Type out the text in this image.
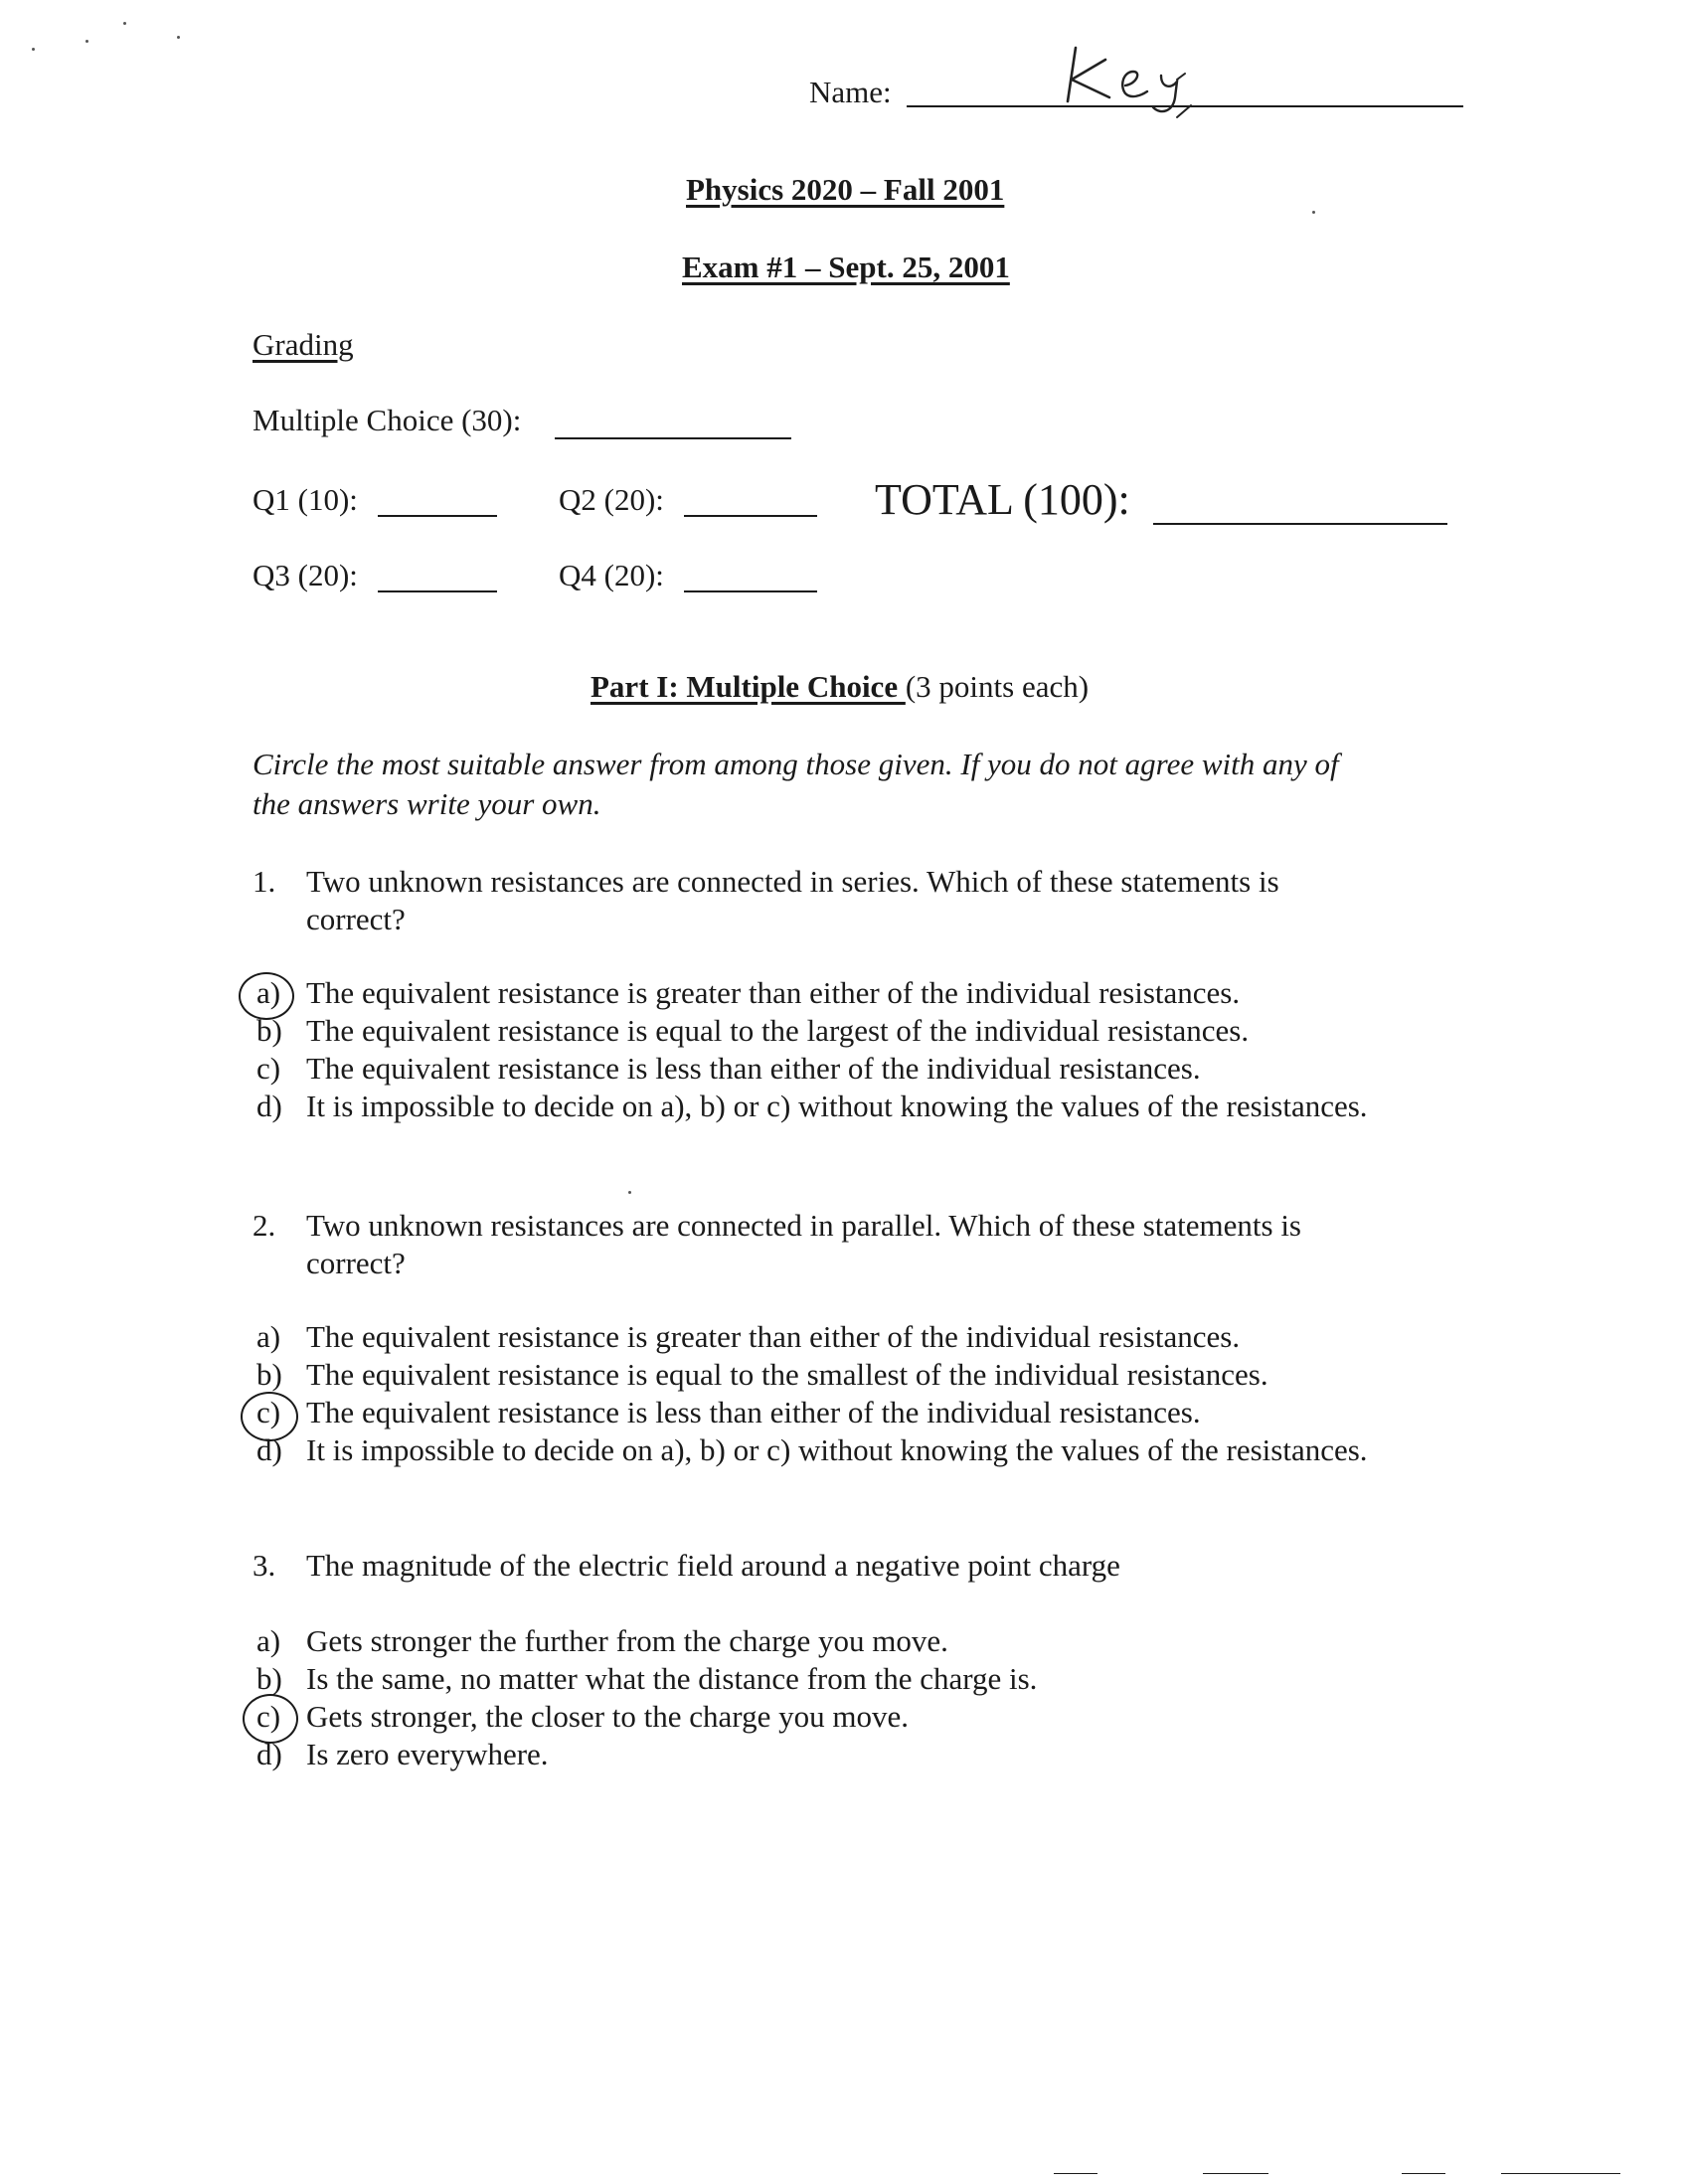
Name:
Physics 2020 – Fall 2001
Exam #1 – Sept. 25, 2001
Grading
Multiple Choice (30):
Q1 (10):	Q2 (20):	TOTAL (100):
Q3 (20):	Q4 (20):
Part I: Multiple Choice (3 points each)
Circle the most suitable answer from among those given. If you do not agree with any of
the answers write your own.
1. Two unknown resistances are connected in series. Which of these statements is
correct?
a) The equivalent resistance is greater than either of the individual resistances.
b) The equivalent resistance is equal to the largest of the individual resistances.
c) The equivalent resistance is less than either of the individual resistances.
d) It is impossible to decide on a), b) or c) without knowing the values of the resistances.
2. Two unknown resistances are connected in parallel. Which of these statements is
correct?
a) The equivalent resistance is greater than either of the individual resistances.
b) The equivalent resistance is equal to the smallest of the individual resistances.
c) The equivalent resistance is less than either of the individual resistances.
d) It is impossible to decide on a), b) or c) without knowing the values of the resistances.
3. The magnitude of the electric field around a negative point charge
a) Gets stronger the further from the charge you move.
b) Is the same, no matter what the distance from the charge is.
c) Gets stronger, the closer to the charge you move.
d) Is zero everywhere.
